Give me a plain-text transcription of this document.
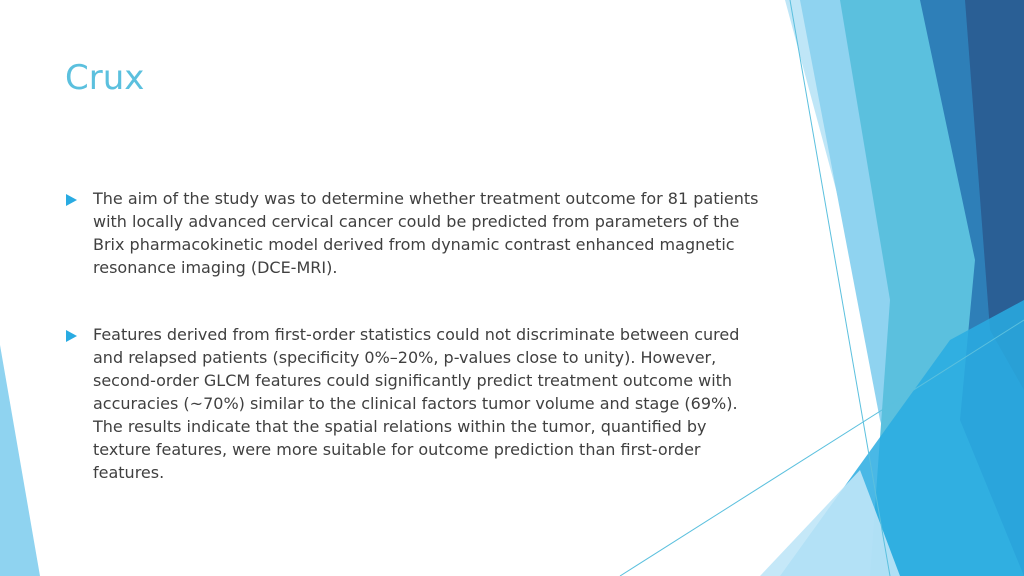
Crux
The aim of the study was to determine whether treatment outcome for 81 patients with locally advanced cervical cancer could be predicted from parameters of the Brix pharmacokinetic model derived from dynamic contrast enhanced magnetic resonance imaging (DCE-MRI).
Features derived from first-order statistics could not discriminate between cured and relapsed patients (specificity 0%–20%, p-values close to unity). However, second-order GLCM features could significantly predict treatment outcome with accuracies (~70%) similar to the clinical factors tumor volume and stage (69%). The results indicate that the spatial relations within the tumor, quantified by texture features, were more suitable for outcome prediction than first-order features.
